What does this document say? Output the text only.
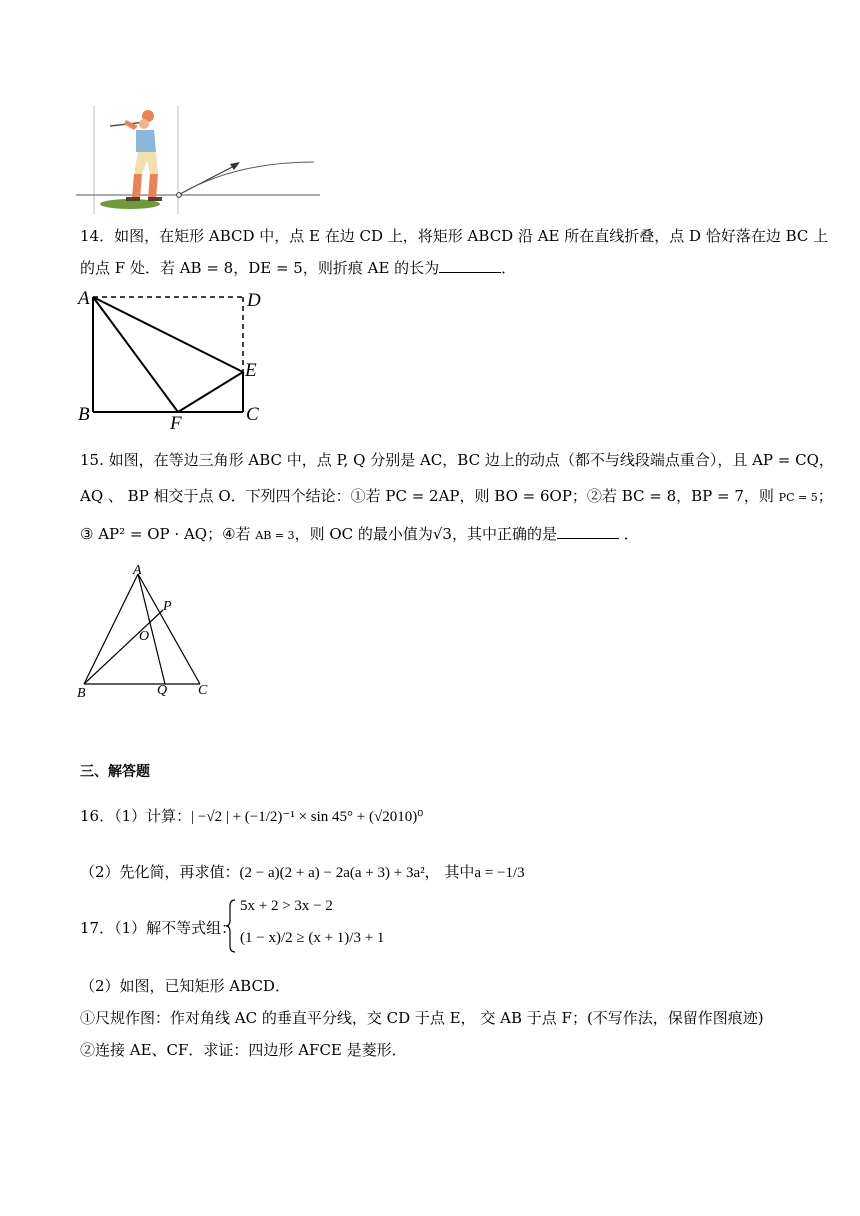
14．如图，在矩形 ABCD 中，点 E 在边 CD 上，将矩形 ABCD 沿 AE 所在直线折叠，点 D 恰好落在边 BC 上
的点 F 处．若 AB = 8，DE = 5，则折痕 AE 的长为	．
A	D
E
B	C
F
15. 如图，在等边三角形 ABC 中，点 P, Q 分别是 AC，BC 边上的动点（都不与线段端点重合），且 AP = CQ，
AQ 、 BP 相交于点 O．下列四个结论：①若 PC = 2AP，则 BO = 6OP；②若 BC = 8，BP = 7，则 PC = 5；
③ AP² = OP · AQ；④若 AB = 3，则 OC 的最小值为√3，其中正确的是	．
A
P
O
B	Q C
三、解答题
16．（1）计算：| −√2 | + (−1/2)⁻¹ × sin 45° + (√2010)⁰
（2）先化简，再求值：(2 − a)(2 + a) − 2a(a + 3) + 3a²， 其中a = −1/3
17．（1）解不等式组：
5x + 2 > 3x − 2
(1 − x)/2 ≥ (x + 1)/3 + 1
（2）如图，已知矩形 ABCD．
①尺规作图：作对角线 AC 的垂直平分线，交 CD 于点 E， 交 AB 于点 F；(不写作法，保留作图痕迹)
②连接 AE、CF．求证：四边形 AFCE 是菱形．
